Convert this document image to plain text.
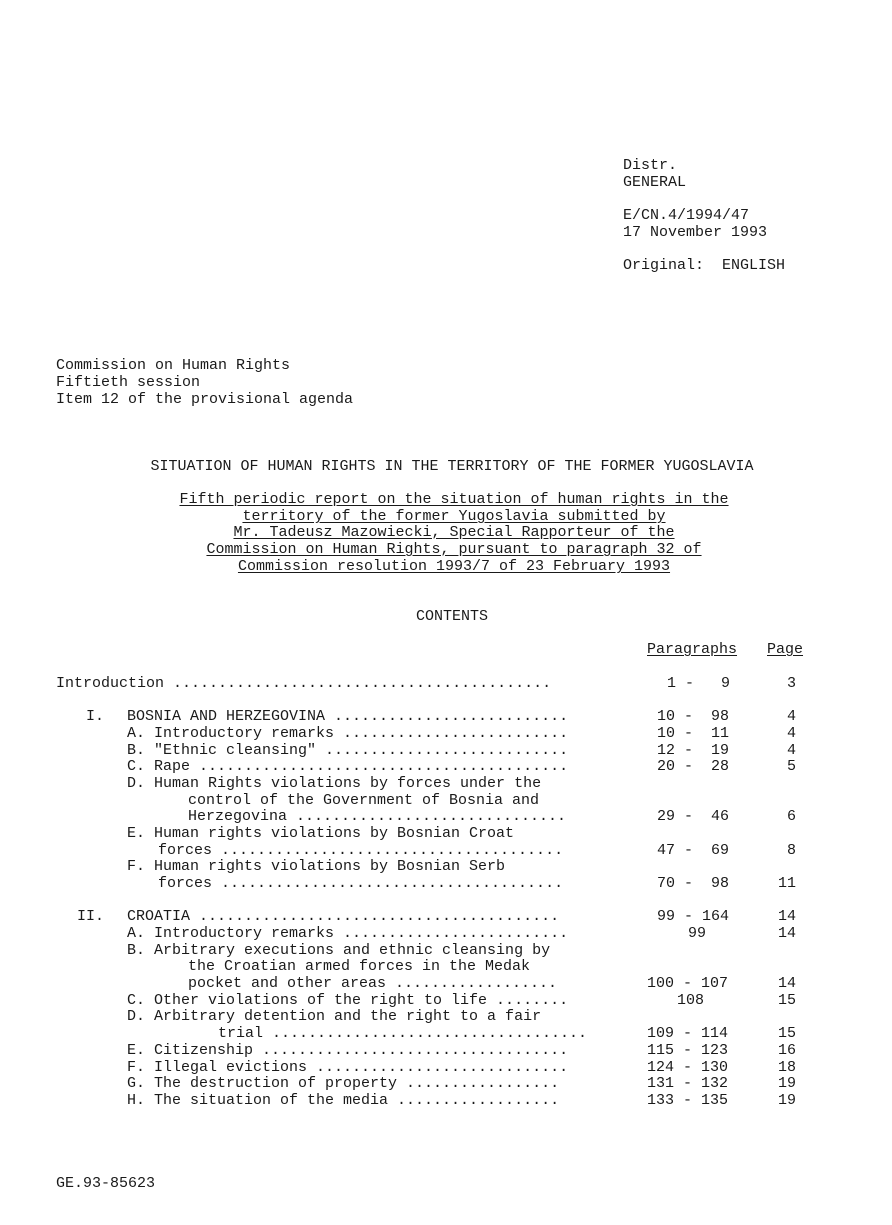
Distr.
GENERAL
E/CN.4/1994/47
17 November 1993
Original:  ENGLISH
Commission on Human Rights
Fiftieth session
Item 12 of the provisional agenda
SITUATION OF HUMAN RIGHTS IN THE TERRITORY OF THE FORMER YUGOSLAVIA
Fifth periodic report on the situation of human rights in the
territory of the former Yugoslavia submitted by
Mr. Tadeusz Mazowiecki, Special Rapporteur of the
Commission on Human Rights, pursuant to paragraph 32 of
Commission resolution 1993/7 of 23 February 1993
CONTENTS
Paragraphs Page
Introduction ..........................................	1 -   9	3
I. BOSNIA AND HERZEGOVINA ..........................	10 -  98	4
A. Introductory remarks .........................	10 -  11	4
B. "Ethnic cleansing" ...........................	12 -  19	4
C. Rape .........................................	20 -  28	5
D. Human Rights violations by forces under the
control of the Government of Bosnia and
Herzegovina ..............................	29 -  46	6
E. Human rights violations by Bosnian Croat
forces ......................................	47 -  69	8
F. Human rights violations by Bosnian Serb
forces ......................................	70 -  98	11
II. CROATIA ........................................	99 - 164	14
A. Introductory remarks .........................	99	14
B. Arbitrary executions and ethnic cleansing by
the Croatian armed forces in the Medak
pocket and other areas ..................	100 - 107	14
C. Other violations of the right to life ........	108	15
D. Arbitrary detention and the right to a fair
trial ...................................	109 - 114	15
E. Citizenship ..................................	115 - 123	16
F. Illegal evictions ............................	124 - 130	18
G. The destruction of property .................	131 - 132	19
H. The situation of the media ..................	133 - 135	19
GE.93-85623
